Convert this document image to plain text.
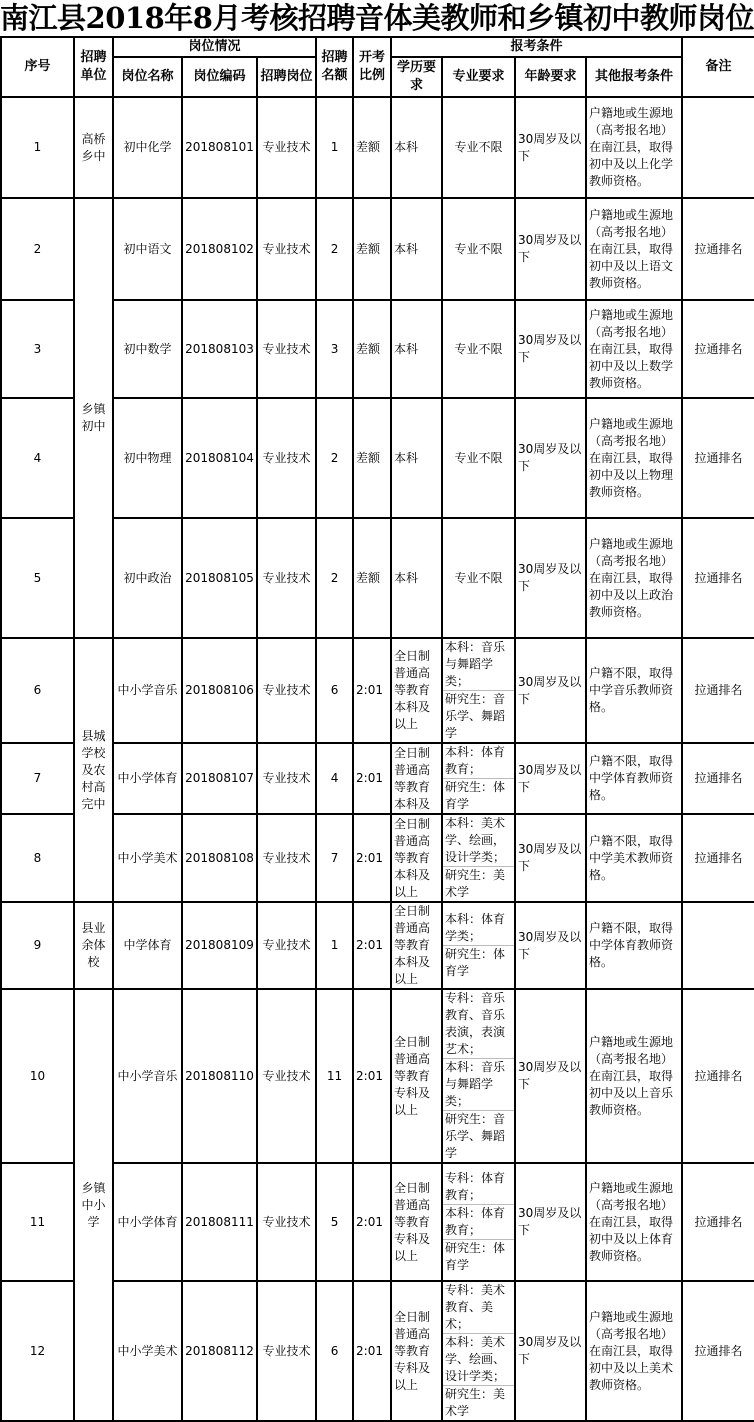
南江县2018年8月考核招聘音体美教师和乡镇初中教师岗位
序号	招聘单位	岗位情况	招聘名额	开考比例	报考条件	备注
岗位名称	岗位编码	招聘岗位	学历要求	专业要求	年龄要求	其他报考条件
1	高桥乡中	初中化学	201808101	专业技术	1	差额	本科	专业不限
	30周岁及以下	户籍地或生源地（高考报名地）在南江县，取得初中及以上化学教师资格。	
2	乡镇初中	初中语文	201808102	专业技术	2	差额	本科	专业不限
	30周岁及以下	户籍地或生源地（高考报名地）在南江县，取得初中及以上语文教师资格。	拉通排名
3	初中数学	201808103	专业技术	3	差额	本科	专业不限
	30周岁及以下	户籍地或生源地（高考报名地）在南江县，取得初中及以上数学教师资格。	拉通排名
4	初中物理	201808104	专业技术	2	差额	本科	专业不限
	30周岁及以下	户籍地或生源地（高考报名地）在南江县，取得初中及以上物理教师资格。	拉通排名
5	初中政治	201808105	专业技术	2	差额	本科	专业不限
	30周岁及以下	户籍地或生源地（高考报名地）在南江县，取得初中及以上政治教师资格。	拉通排名
6	县城学校及农村高完中	中小学音乐	201808106	专业技术	6	2:01	全日制普通高等教育本科及以上	
本科：音乐与舞蹈学类；
研究生：音乐学、舞蹈学
	30周岁及以下	户籍不限，取得中学音乐教师资格。	拉通排名
7	中小学体育	201808107	专业技术	4	2:01	全日制普通高等教育本科及	
本科：体育教育；
研究生：体育学
	30周岁及以下	户籍不限，取得中学体育教师资格。	拉通排名
8	中小学美术	201808108	专业技术	7	2:01	全日制普通高等教育本科及以上	
本科：美术学、绘画，设计学类；
研究生：美术学
	30周岁及以下	户籍不限，取得中学美术教师资格。	拉通排名
9	县业余体校	中学体育	201808109	专业技术	1	2:01	全日制普通高等教育本科及以上	
本科：体育学类；
研究生：体育学
	30周岁及以下	户籍不限，取得中学体育教师资格。	
10	乡镇中小学	中小学音乐	201808110	专业技术	11	2:01	全日制普通高等教育专科及以上	
专科：音乐教育、音乐表演，表演艺术；
本科：音乐与舞蹈学类；
研究生：音乐学、舞蹈学
	30周岁及以下	户籍地或生源地（高考报名地）在南江县，取得初中及以上音乐教师资格。	拉通排名
11	中小学体育	201808111	专业技术	5	2:01	全日制普通高等教育专科及以上	
专科：体育教育；
本科：体育教育；
研究生：体育学
	30周岁及以下	户籍地或生源地（高考报名地）在南江县，取得初中及以上体育教师资格。	拉通排名
12	中小学美术	201808112	专业技术	6	2:01	全日制普通高等教育专科及以上	
专科：美术教育、美术；
本科：美术学、绘画、设计学类；
研究生：美术学
	30周岁及以下	户籍地或生源地（高考报名地）在南江县，取得初中及以上美术教师资格。	拉通排名
